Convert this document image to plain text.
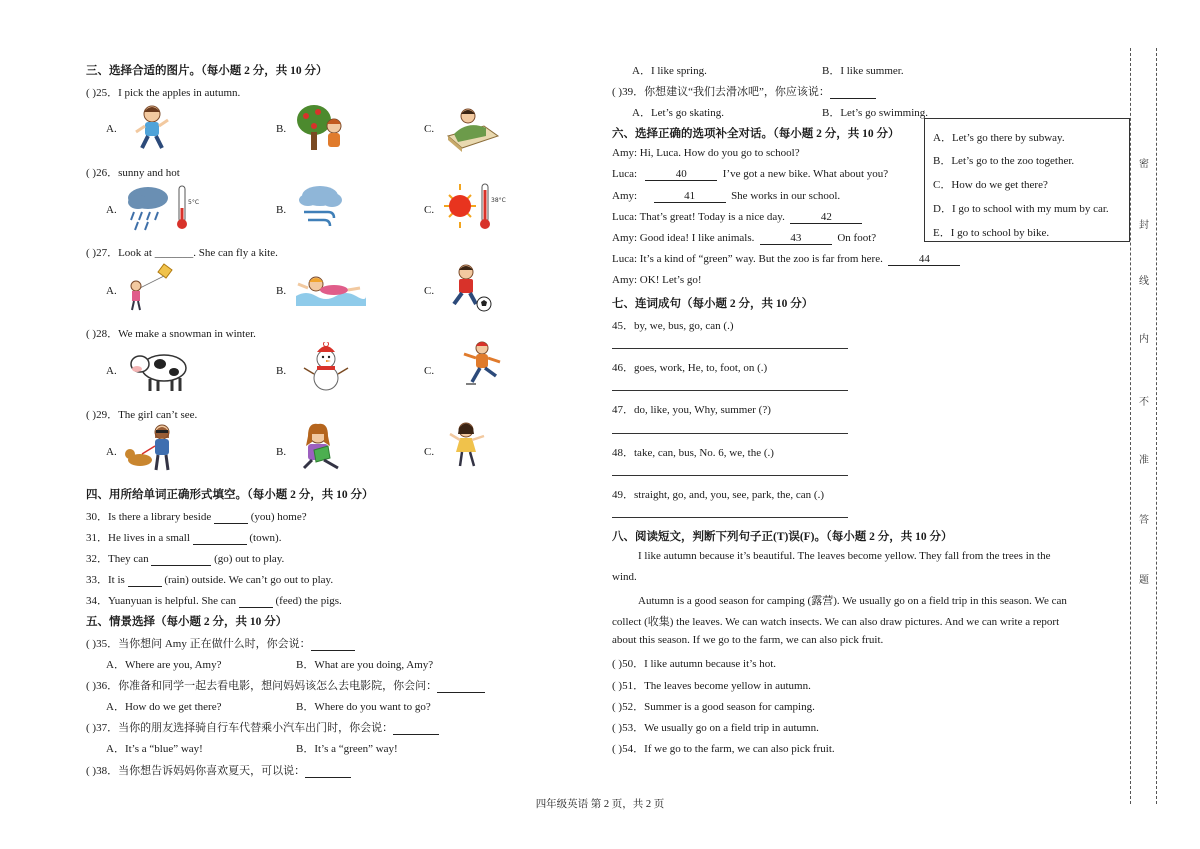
三、选择合适的图片。（每小题 2 分，共 10 分）
( )25．I pick the apples in autumn.
A.	B.	C.
( )26．sunny and hot
A.
5°C
B.	C.
38°C
( )27．Look at _______. She can fly a kite.
A.	B.	C.
( )28．We make a snowman in winter.
A.	B.	C.
( )29．The girl can’t see.
A.	B.	C.
四、用所给单词正确形式填空。（每小题 2 分，共 10 分）
30．Is there a library beside	(you) home?
31．He lives in a small	(town).
32．They can	(go) out to play.
33．It is	(rain) outside. We can’t go out to play.
34．Yuanyuan is helpful. She can	(feed) the pigs.
五、情景选择（每小题 2 分，共 10 分）
( )35．当你想问 Amy 正在做什么时，你会说：
A．Where are you, Amy?	B．What are you doing, Amy?
( )36．你准备和同学一起去看电影，想问妈妈该怎么去电影院，你会问：
A．How do we get there?	B．Where do you want to go?
( )37．当你的朋友选择骑自行车代替乘小汽车出门时，你会说：
A．It’s a “blue” way!	B．It’s a “green” way!
( )38．当你想告诉妈妈你喜欢夏天，可以说：
A．I like spring.	B．I like summer.
( )39．你想建议“我们去滑冰吧”，你应该说：
A．Let’s go skating.	B．Let’s go swimming.
六、选择正确的选项补全对话。（每小题 2 分，共 10 分）
Amy: Hi, Luca. How do you go to school?
Luca:	40	I’ve got a new bike. What about you?
Amy:	41	She works in our school.
Luca: That’s great! Today is a nice day.	42
Amy: Good idea! I like animals.	43	On foot?
Luca: It’s a kind of “green” way. But the zoo is far from here.	44
Amy: OK! Let’s go!
A．Let’s go there by subway.
B．Let’s go to the zoo together.
C．How do we get there?
D．I go to school with my mum by car.
E．I go to school by bike.
七、连词成句（每小题 2 分，共 10 分）
45．by, we, bus, go, can (.)
46．goes, work, He, to, foot, on (.)
47．do, like, you, Why, summer (?)
48．take, can, bus, No. 6, we, the (.)
49．straight, go, and, you, see, park, the, can (.)
八、阅读短文，判断下列句子正(T)误(F)。（每小题 2 分，共 10 分）
I like autumn because it’s beautiful. The leaves become yellow. They fall from the trees in the
wind.
Autumn is a good season for camping (露营). We usually go on a field trip in this season. We can
collect (收集) the leaves. We can watch insects. We can also draw pictures. And we can write a report
about this season. If we go to the farm, we can also pick fruit.
( )50．I like autumn because it’s hot.
( )51．The leaves become yellow in autumn.
( )52．Summer is a good season for camping.
( )53．We usually go on a field trip in autumn.
( )54．If we go to the farm, we can also pick fruit.
密
封
线
内
不
准
答
题
四年级英语 第 2 页，共 2 页
